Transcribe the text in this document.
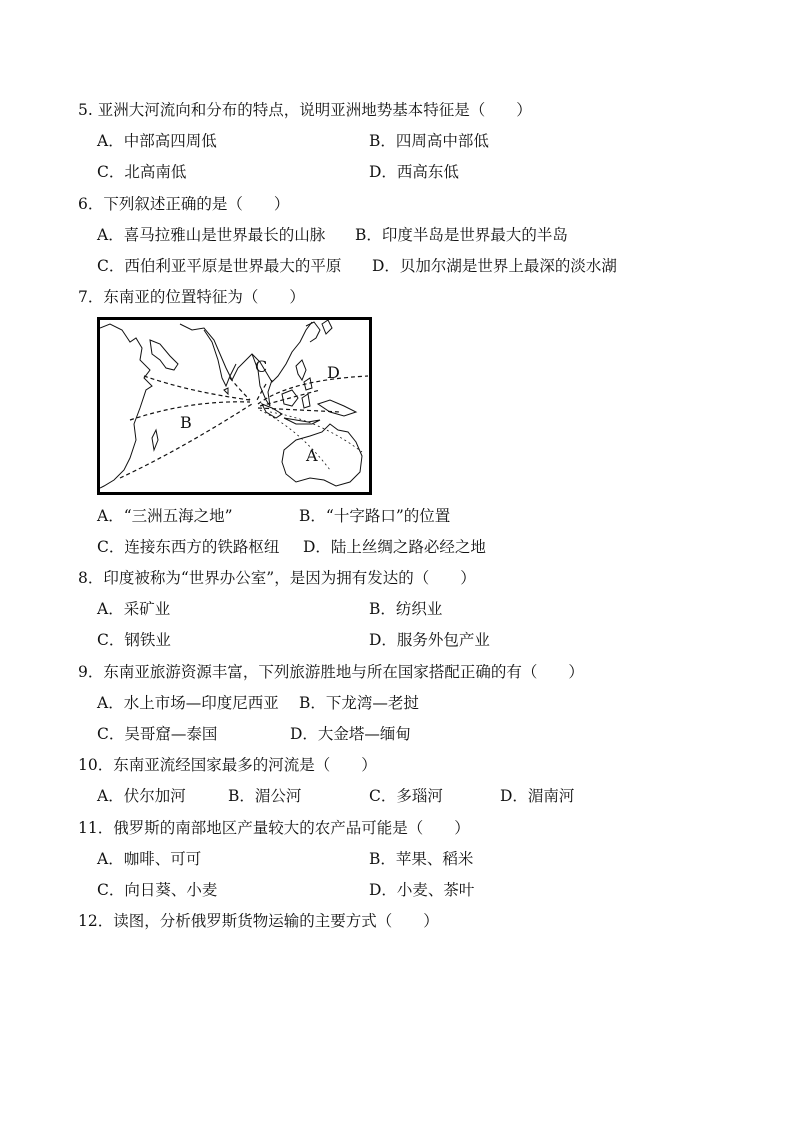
5. 亚洲大河流向和分布的特点，说明亚洲地势基本特征是（　　）
A．中部高四周低	B．四周高中部低
C．北高南低	D．西高东低
6．下列叙述正确的是（　　）
A．喜马拉雅山是世界最长的山脉 B．印度半岛是世界最大的半岛
C．西伯利亚平原是世界最大的平原 D．贝加尔湖是世界上最深的淡水湖
7．东南亚的位置特征为（　　）
A
B
C	D
A．“三洲五海之地”	B．“十字路口”的位置
C．连接东西方的铁路枢纽 D．陆上丝绸之路必经之地
8．印度被称为“世界办公室”，是因为拥有发达的（　　）
A．采矿业	B．纺织业
C．钢铁业	D．服务外包产业
9．东南亚旅游资源丰富，下列旅游胜地与所在国家搭配正确的有（　　）
A．水上市场—印度尼西亚 B．下龙湾—老挝
C．吴哥窟—泰国	D．大金塔—缅甸
10．东南亚流经国家最多的河流是（　　）
A．伏尔加河	B．湄公河	C．多瑙河	D．湄南河
11．俄罗斯的南部地区产量较大的农产品可能是（　　）
A．咖啡、可可	B．苹果、稻米
C．向日葵、小麦	D．小麦、茶叶
12．读图，分析俄罗斯货物运输的主要方式（　　）
